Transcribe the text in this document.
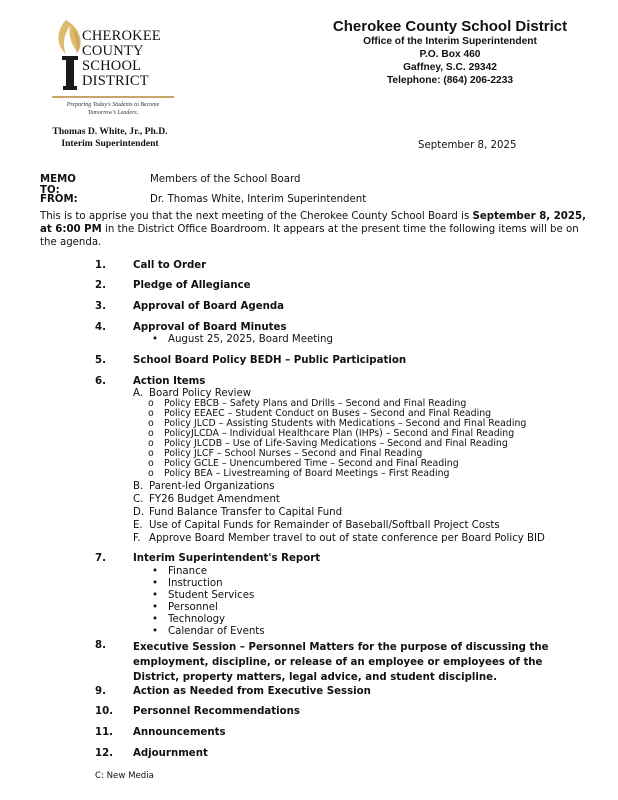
CHEROKEE
COUNTY
SCHOOL
DISTRICT
Preparing Today's Students to Become
Tomorrow's Leaders.
Thomas D. White, Jr., Ph.D.
Interim Superintendent
Cherokee County School District
Office of the Interim Superintendent
P.O. Box 460
Gaffney, S.C. 29342
Telephone: (864) 206-2233
September 8, 2025
MEMO TO:
Members of the School Board
FROM:	Dr. Thomas White, Interim Superintendent
This is to apprise you that the next meeting of the Cherokee County School Board is September 8, 2025, at 6:00 PM in the District Office Boardroom. It appears at the present time the following items will be on the agenda.
1.	Call to Order
2.	Pledge of Allegiance
3.	Approval of Board Agenda
4.	Approval of Board Minutes
• August 25, 2025, Board Meeting
5.	School Board Policy BEDH – Public Participation
6.	Action Items
A. Board Policy Review
o Policy EBCB – Safety Plans and Drills – Second and Final Reading
o Policy EEAEC – Student Conduct on Buses – Second and Final Reading
o Policy JLCD – Assisting Students with Medications – Second and Final Reading
o PolicyJLCDA – Individual Healthcare Plan (IHPs) – Second and Final Reading
o Policy JLCDB – Use of Life-Saving Medications – Second and Final Reading
o Policy JLCF – School Nurses – Second and Final Reading
o Policy GCLE – Unencumbered Time – Second and Final Reading
o Policy BEA – Livestreaming of Board Meetings – First Reading
B. Parent-led Organizations
C. FY26 Budget Amendment
D. Fund Balance Transfer to Capital Fund
E. Use of Capital Funds for Remainder of Baseball/Softball Project Costs
F. Approve Board Member travel to out of state conference per Board Policy BID
7.	Interim Superintendent's Report
• Finance
• Instruction
• Student Services
• Personnel
• Technology
• Calendar of Events
8.	Executive Session – Personnel Matters for the purpose of discussing the employment, discipline, or release of an employee or employees of the District, property matters, legal advice, and student discipline.
9.	Action as Needed from Executive Session
10. Personnel Recommendations
11. Announcements
12. Adjournment
C: New Media
